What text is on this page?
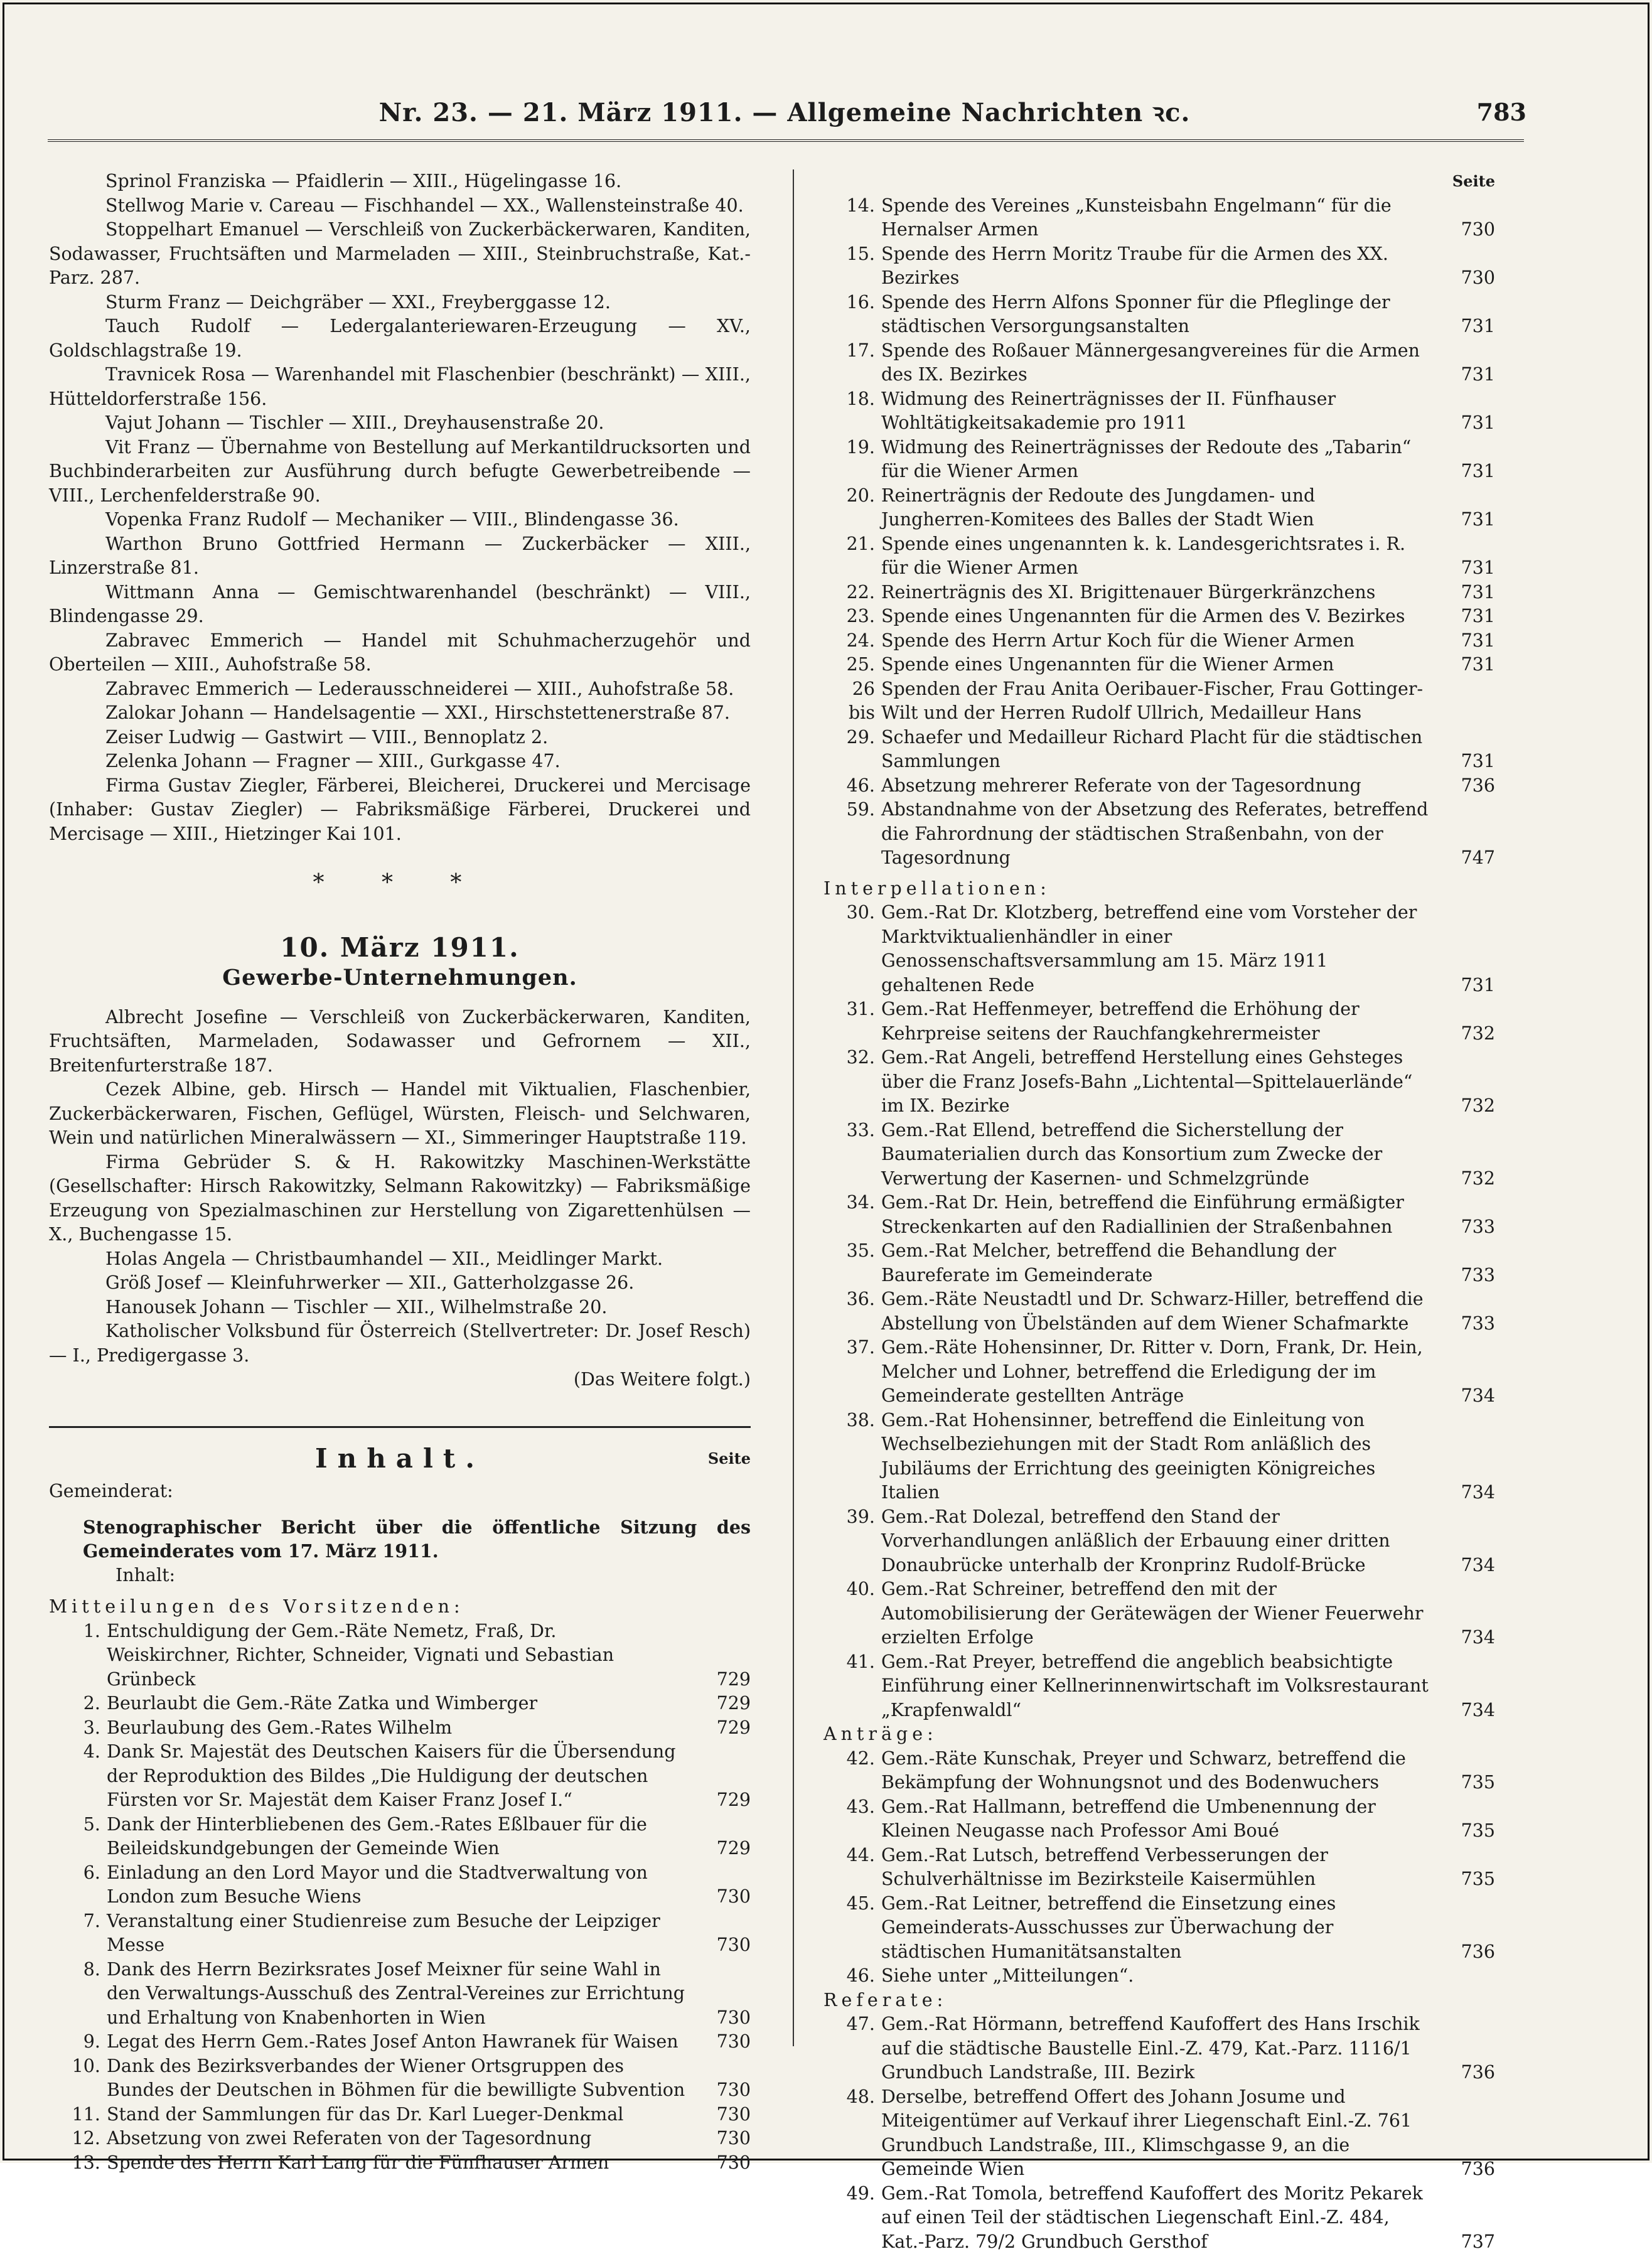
Nr. 23. — 21. März 1911. — Allgemeine Nachrichten ꝛc.	783

Sprinol Franziska — Pfaidlerin — XIII., Hügelingasse 16.

Stellwog Marie v. Careau — Fischhandel — XX., Wallensteinstraße 40.

Stoppelhart Emanuel — Verschleiß von Zuckerbäckerwaren, Kanditen, Sodawasser, Fruchtsäften und Marmeladen — XIII., Steinbruchstraße, Kat.-Parz. 287.

Sturm Franz — Deichgräber — XXI., Freyberggasse 12.

Tauch Rudolf — Ledergalanteriewaren-Erzeugung — XV., Goldschlagstraße 19.

Travnicek Rosa — Warenhandel mit Flaschenbier (beschränkt) — XIII., Hütteldorferstraße 156.

Vajut Johann — Tischler — XIII., Dreyhausenstraße 20.

Vit Franz — Übernahme von Bestellung auf Merkantildrucksorten und Buchbinderarbeiten zur Ausführung durch befugte Gewerbetreibende — VIII., Lerchenfelderstraße 90.

Vopenka Franz Rudolf — Mechaniker — VIII., Blindengasse 36.

Warthon Bruno Gottfried Hermann — Zuckerbäcker — XIII., Linzerstraße 81.

Wittmann Anna — Gemischtwarenhandel (beschränkt) — VIII., Blindengasse 29.

Zabravec Emmerich — Handel mit Schuhmacherzugehör und Oberteilen — XIII., Auhofstraße 58.

Zabravec Emmerich — Lederausschneiderei — XIII., Auhofstraße 58.

Zalokar Johann — Handelsagentie — XXI., Hirschstettenerstraße 87.

Zeiser Ludwig — Gastwirt — VIII., Bennoplatz 2.

Zelenka Johann — Fragner — XIII., Gurkgasse 47.

Firma Gustav Ziegler, Färberei, Bleicherei, Druckerei und Mercisage (Inhaber: Gustav Ziegler) — Fabriksmäßige Färberei, Druckerei und Mercisage — XIII., Hietzinger Kai 101.

* * *
10. März 1911.
Gewerbe-Unternehmungen.

Albrecht Josefine — Verschleiß von Zuckerbäckerwaren, Kanditen, Fruchtsäften, Marmeladen, Sodawasser und Gefrornem — XII., Breitenfurterstraße 187.

Cezek Albine, geb. Hirsch — Handel mit Viktualien, Flaschenbier, Zuckerbäckerwaren, Fischen, Geflügel, Würsten, Fleisch- und Selchwaren, Wein und natürlichen Mineralwässern — XI., Simmeringer Hauptstraße 119.

Firma Gebrüder S. & H. Rakowitzky Maschinen-Werkstätte (Gesellschafter: Hirsch Rakowitzky, Selmann Rakowitzky) — Fabriksmäßige Erzeugung von Spezialmaschinen zur Herstellung von Zigarettenhülsen — X., Buchengasse 15.

Holas Angela — Christbaumhandel — XII., Meidlinger Markt.

Größ Josef — Kleinfuhrwerker — XII., Gatterholzgasse 26.

Hanousek Johann — Tischler — XII., Wilhelmstraße 20.

Katholischer Volksbund für Österreich (Stellvertreter: Dr. Josef Resch) — I., Predigergasse 3.

(Das Weitere folgt.)
Inhalt.	Seite
Gemeinderat:
Stenographischer Bericht über die öffentliche Sitzung des Gemeinderates vom 17. März 1911.
Inhalt:
Mitteilungen des Vorsitzenden:
1. Entschuldigung der Gem.-Räte Nemetz, Fraß, Dr. Weiskirchner, Richter, Schneider, Vignati und Sebastian Grünbeck	729
2. Beurlaubt die Gem.-Räte Zatka und Wimberger	729
3. Beurlaubung des Gem.-Rates Wilhelm	729
4. Dank Sr. Majestät des Deutschen Kaisers für die Übersendung der Reproduktion des Bildes „Die Huldigung der deutschen Fürsten vor Sr. Majestät dem Kaiser Franz Josef I.“	729
5. Dank der Hinterbliebenen des Gem.-Rates Eßlbauer für die Beileidskundgebungen der Gemeinde Wien	729
6. Einladung an den Lord Mayor und die Stadtverwaltung von London zum Besuche Wiens	730
7. Veranstaltung einer Studienreise zum Besuche der Leipziger Messe	730
8. Dank des Herrn Bezirksrates Josef Meixner für seine Wahl in den Verwaltungs-Ausschuß des Zentral-Vereines zur Errichtung und Erhaltung von Knabenhorten in Wien	730
9. Legat des Herrn Gem.-Rates Josef Anton Hawranek für Waisen	730
10. Dank des Bezirksverbandes der Wiener Ortsgruppen des Bundes der Deutschen in Böhmen für die bewilligte Subvention	730
11. Stand der Sammlungen für das Dr. Karl Lueger-Denkmal	730
12. Absetzung von zwei Referaten von der Tagesordnung	730
13. Spende des Herrn Karl Lang für die Fünfhauser Armen	730
Seite
14. Spende des Vereines „Kunsteisbahn Engelmann“ für die Hernalser Armen	730
15. Spende des Herrn Moritz Traube für die Armen des XX. Bezirkes	730
16. Spende des Herrn Alfons Sponner für die Pfleglinge der städtischen Versorgungsanstalten	731
17. Spende des Roßauer Männergesangvereines für die Armen des IX. Bezirkes	731
18. Widmung des Reinerträgnisses der II. Fünfhauser Wohltätigkeitsakademie pro 1911	731
19. Widmung des Reinerträgnisses der Redoute des „Tabarin“ für die Wiener Armen	731
20. Reinerträgnis der Redoute des Jungdamen- und Jungherren-Komitees des Balles der Stadt Wien	731
21. Spende eines ungenannten k. k. Landesgerichtsrates i. R. für die Wiener Armen	731
22. Reinerträgnis des XI. Brigittenauer Bürgerkränzchens	731
23. Spende eines Ungenannten für die Armen des V. Bezirkes	731
24. Spende des Herrn Artur Koch für die Wiener Armen	731
25. Spende eines Ungenannten für die Wiener Armen	731
26 bis 29.
Spenden der Frau Anita Oeribauer-Fischer, Frau Gottinger-Wilt und der Herren Rudolf Ullrich, Medailleur Hans Schaefer und Medailleur Richard Placht für die städtischen Sammlungen	731
46. Absetzung mehrerer Referate von der Tagesordnung	736
59. Abstandnahme von der Absetzung des Referates, betreffend die Fahrordnung der städtischen Straßenbahn, von der Tagesordnung	747
Interpellationen:
30. Gem.-Rat Dr. Klotzberg, betreffend eine vom Vorsteher der Marktviktualienhändler in einer Genossenschaftsversammlung am 15. März 1911 gehaltenen Rede	731
31. Gem.-Rat Heffenmeyer, betreffend die Erhöhung der Kehrpreise seitens der Rauchfangkehrermeister	732
32. Gem.-Rat Angeli, betreffend Herstellung eines Gehsteges über die Franz Josefs-Bahn „Lichtental—Spittelauerlände“ im IX. Bezirke	732
33. Gem.-Rat Ellend, betreffend die Sicherstellung der Baumaterialien durch das Konsortium zum Zwecke der Verwertung der Kasernen- und Schmelzgründe	732
34. Gem.-Rat Dr. Hein, betreffend die Einführung ermäßigter Streckenkarten auf den Radiallinien der Straßenbahnen	733
35. Gem.-Rat Melcher, betreffend die Behandlung der Baureferate im Gemeinderate	733
36. Gem.-Räte Neustadtl und Dr. Schwarz-Hiller, betreffend die Abstellung von Übelständen auf dem Wiener Schafmarkte	733
37. Gem.-Räte Hohensinner, Dr. Ritter v. Dorn, Frank, Dr. Hein, Melcher und Lohner, betreffend die Erledigung der im Gemeinderate gestellten Anträge	734
38. Gem.-Rat Hohensinner, betreffend die Einleitung von Wechselbeziehungen mit der Stadt Rom anläßlich des Jubiläums der Errichtung des geeinigten Königreiches Italien	734
39. Gem.-Rat Dolezal, betreffend den Stand der Vorverhandlungen anläßlich der Erbauung einer dritten Donaubrücke unterhalb der Kronprinz Rudolf-Brücke	734
40. Gem.-Rat Schreiner, betreffend den mit der Automobilisierung der Gerätewägen der Wiener Feuerwehr erzielten Erfolge	734
41. Gem.-Rat Preyer, betreffend die angeblich beabsichtigte Einführung einer Kellnerinnenwirtschaft im Volksrestaurant „Krapfenwaldl“	734
Anträge:
42. Gem.-Räte Kunschak, Preyer und Schwarz, betreffend die Bekämpfung der Wohnungsnot und des Bodenwuchers	735
43. Gem.-Rat Hallmann, betreffend die Umbenennung der Kleinen Neugasse nach Professor Ami Boué	735
44. Gem.-Rat Lutsch, betreffend Verbesserungen der Schulverhältnisse im Bezirksteile Kaisermühlen	735
45. Gem.-Rat Leitner, betreffend die Einsetzung eines Gemeinderats-Ausschusses zur Überwachung der städtischen Humanitätsanstalten	736
46. Siehe unter „Mitteilungen“.
Referate:
47. Gem.-Rat Hörmann, betreffend Kaufoffert des Hans Irschik auf die städtische Baustelle Einl.-Z. 479, Kat.-Parz. 1116/1 Grundbuch Landstraße, III. Bezirk	736
48. Derselbe, betreffend Offert des Johann Josume und Miteigentümer auf Verkauf ihrer Liegenschaft Einl.-Z. 761 Grundbuch Landstraße, III., Klimschgasse 9, an die Gemeinde Wien	736
49. Gem.-Rat Tomola, betreffend Kaufoffert des Moritz Pekarek auf einen Teil der städtischen Liegenschaft Einl.-Z. 484, Kat.-Parz. 79/2 Grundbuch Gersthof	737
